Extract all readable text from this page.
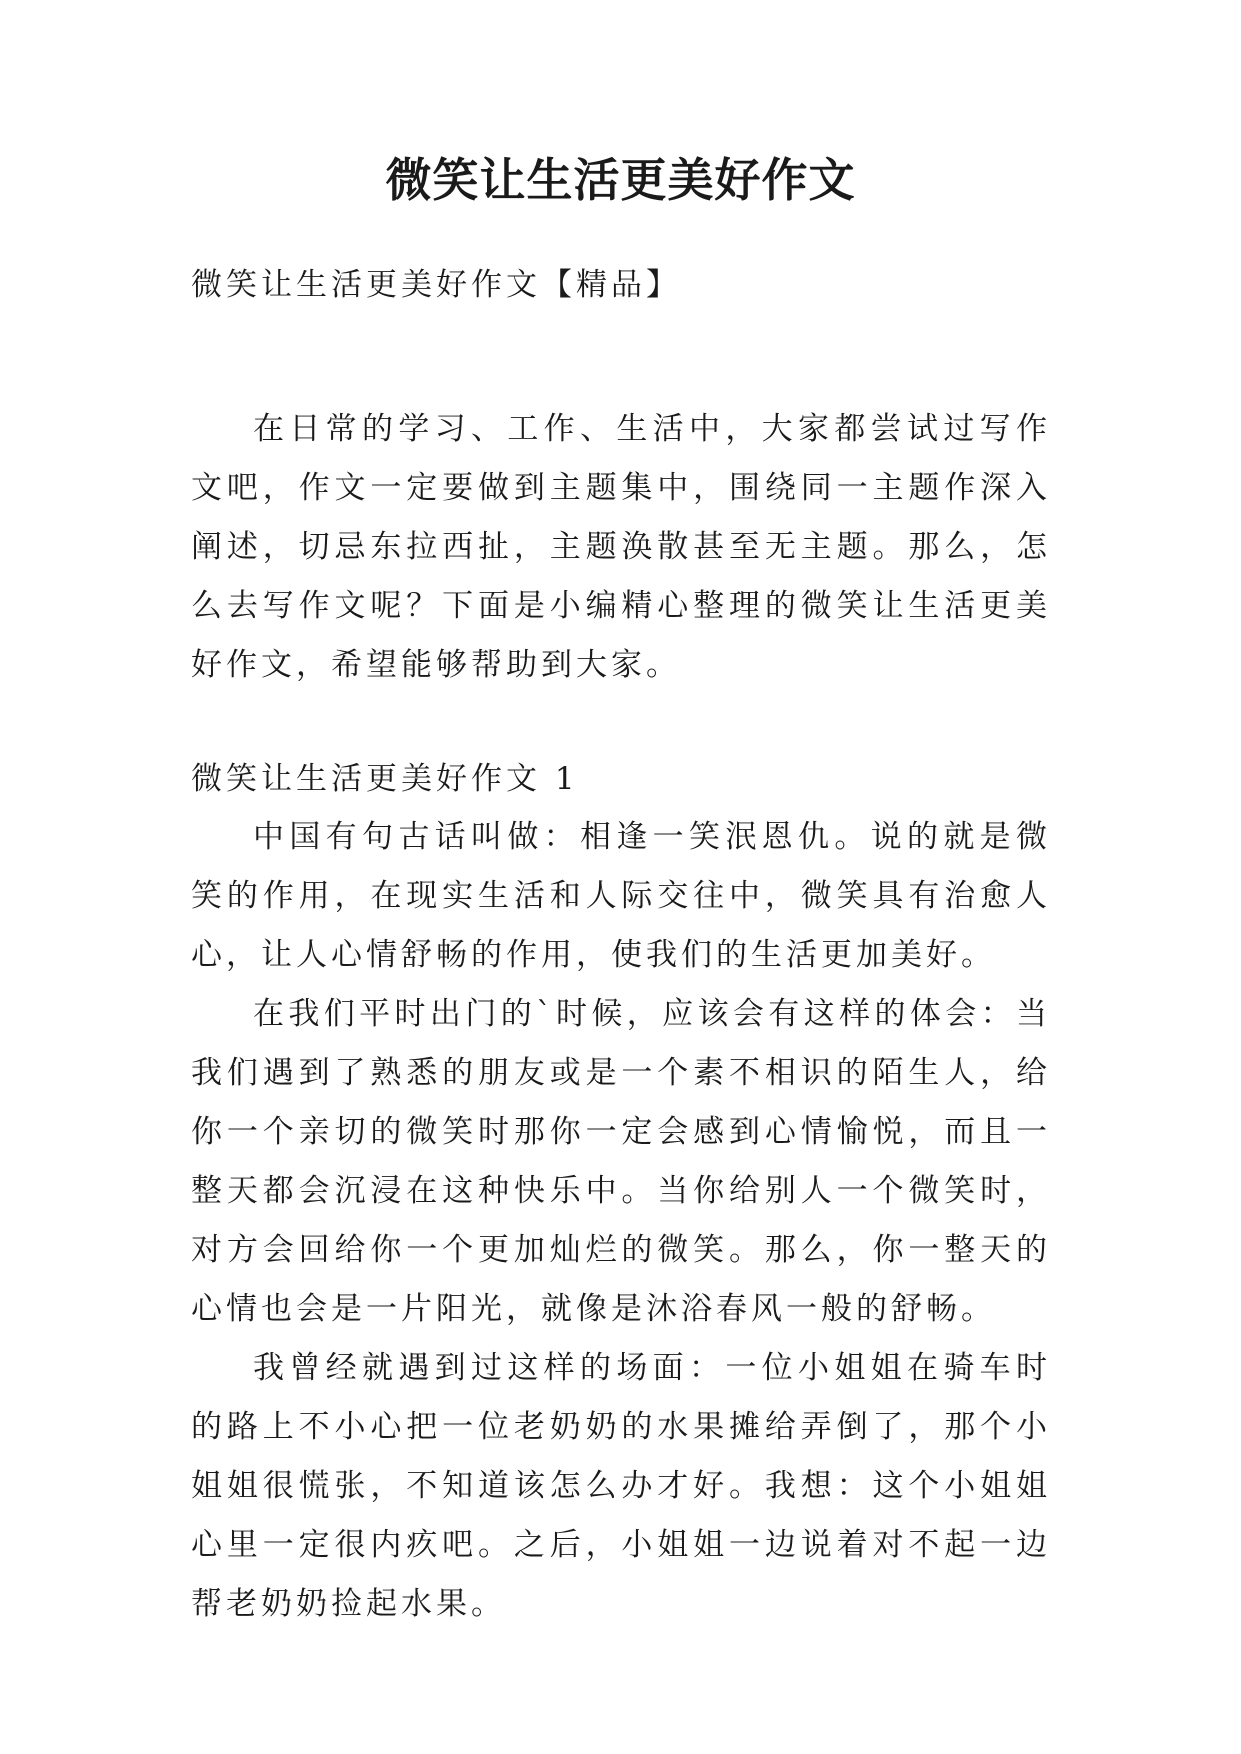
微笑让生活更美好作文
微笑让生活更美好作文【精品】

在日常的学习、工作、生活中，大家都尝试过写作文吧，作文一定要做到主题集中，围绕同一主题作深入阐述，切忌东拉西扯，主题涣散甚至无主题。那么，怎么去写作文呢？下面是小编精心整理的微笑让生活更美好作文，希望能够帮助到大家。

微笑让生活更美好作文 1

中国有句古话叫做：相逢一笑泯恩仇。说的就是微笑的作用，在现实生活和人际交往中，微笑具有治愈人心，让人心情舒畅的作用，使我们的生活更加美好。

在我们平时出门的`时候，应该会有这样的体会：当我们遇到了熟悉的朋友或是一个素不相识的陌生人，给你一个亲切的微笑时那你一定会感到心情愉悦，而且一整天都会沉浸在这种快乐中。当你给别人一个微笑时，对方会回给你一个更加灿烂的微笑。那么，你一整天的心情也会是一片阳光，就像是沐浴春风一般的舒畅。

我曾经就遇到过这样的场面：一位小姐姐在骑车时的路上不小心把一位老奶奶的水果摊给弄倒了，那个小姐姐很慌张，不知道该怎么办才好。我想：这个小姐姐心里一定很内疚吧。之后，小姐姐一边说着对不起一边帮老奶奶捡起水果。
